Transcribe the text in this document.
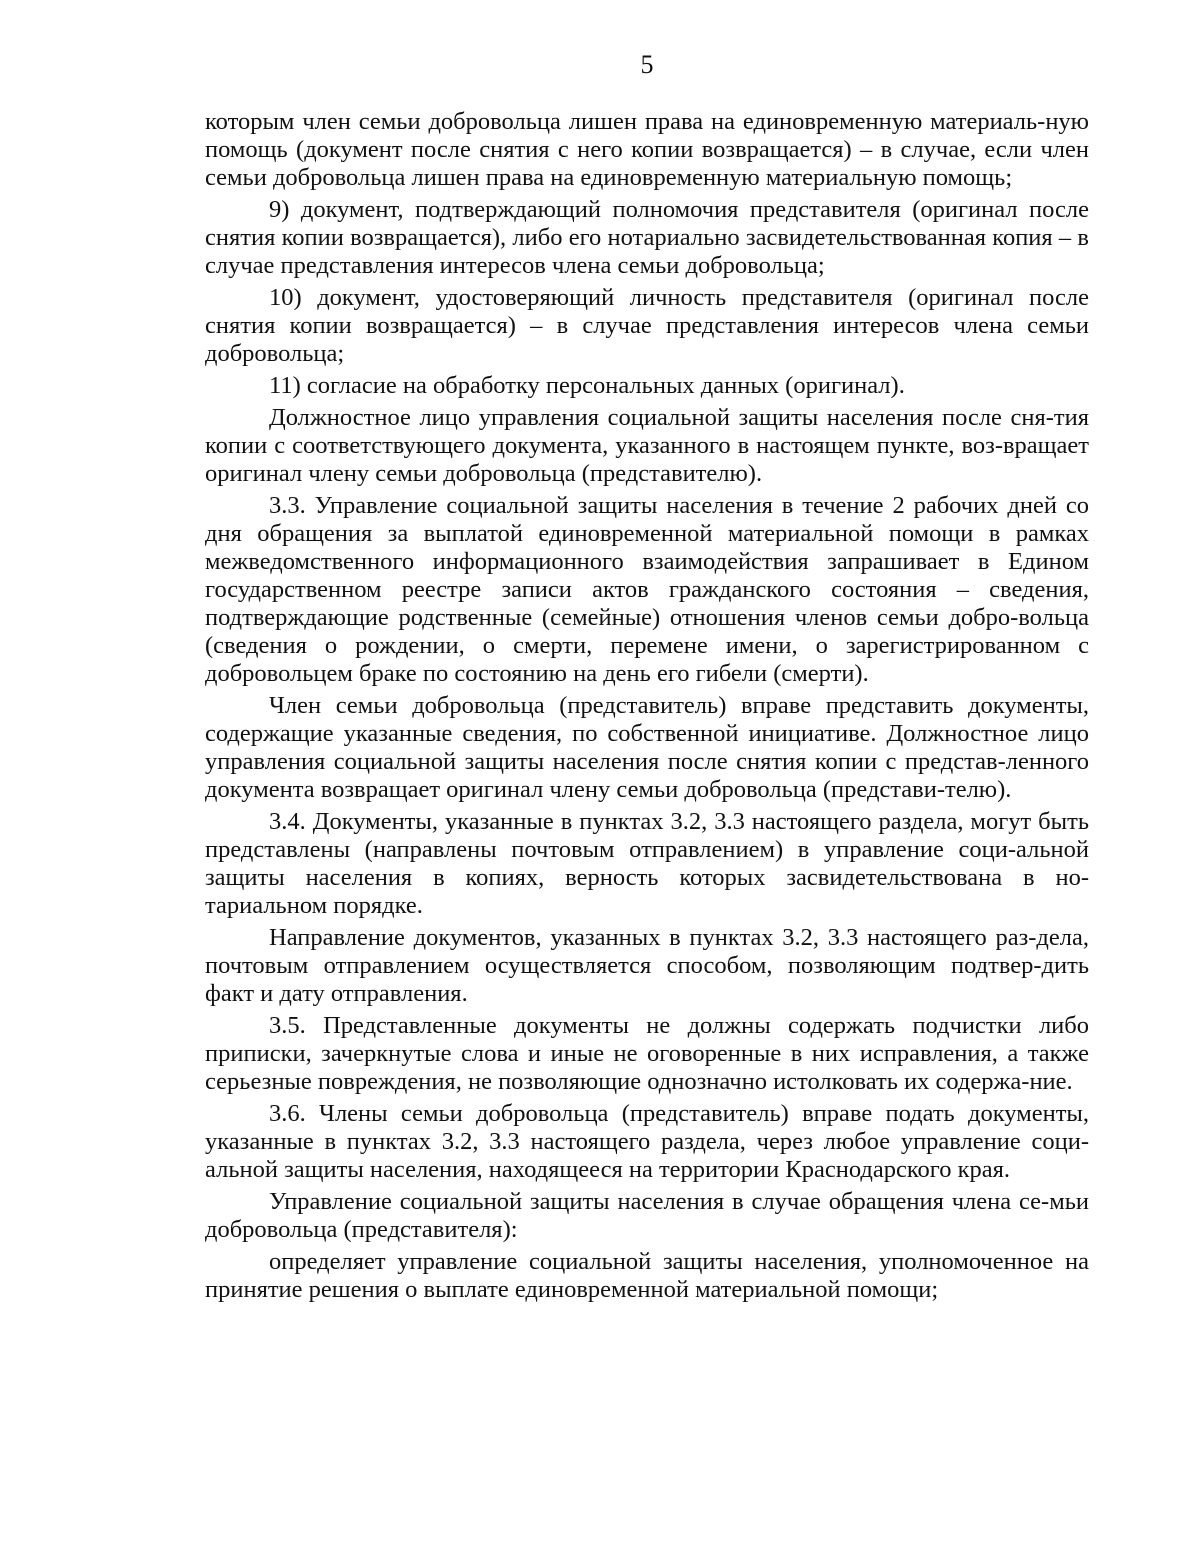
5

которым член семьи добровольца лишен права на единовременную материаль-ную помощь (документ после снятия с него копии возвращается) – в случае, если член семьи добровольца лишен права на единовременную материальную помощь;

9) документ, подтверждающий полномочия представителя (оригинал после снятия копии возвращается), либо его нотариально засвидетельствованная копия – в случае представления интересов члена семьи добровольца;

10) документ, удостоверяющий личность представителя (оригинал после снятия копии возвращается) – в случае представления интересов члена семьи добровольца;

11) согласие на обработку персональных данных (оригинал).

Должностное лицо управления социальной защиты населения после сня-тия копии с соответствующего документа, указанного в настоящем пункте, воз-вращает оригинал члену семьи добровольца (представителю).

3.3. Управление социальной защиты населения в течение 2 рабочих дней со дня обращения за выплатой единовременной материальной помощи в рамках межведомственного информационного взаимодействия запрашивает в Едином государственном реестре записи актов гражданского состояния – сведения, подтверждающие родственные (семейные) отношения членов семьи добро-вольца (сведения о рождении, о смерти, перемене имени, о зарегистрированном с добровольцем браке по состоянию на день его гибели (смерти).

Член семьи добровольца (представитель) вправе представить документы, содержащие указанные сведения, по собственной инициативе. Должностное лицо управления социальной защиты населения после снятия копии с представ-ленного документа возвращает оригинал члену семьи добровольца (представи-телю).

3.4. Документы, указанные в пунктах 3.2, 3.3 настоящего раздела, могут быть представлены (направлены почтовым отправлением) в управление соци-альной защиты населения в копиях, верность которых засвидетельствована в но-тариальном порядке.

Направление документов, указанных в пунктах 3.2, 3.3 настоящего раз-дела, почтовым отправлением осуществляется способом, позволяющим подтвер-дить факт и дату отправления.

3.5. Представленные документы не должны содержать подчистки либо приписки, зачеркнутые слова и иные не оговоренные в них исправления, а также серьезные повреждения, не позволяющие однозначно истолковать их содержа-ние.

3.6. Члены семьи добровольца (представитель) вправе подать документы, указанные в пунктах 3.2, 3.3 настоящего раздела, через любое управление соци-альной защиты населения, находящееся на территории Краснодарского края.

Управление социальной защиты населения в случае обращения члена се-мьи добровольца (представителя):

определяет управление социальной защиты населения, уполномоченное на принятие решения о выплате единовременной материальной помощи;
